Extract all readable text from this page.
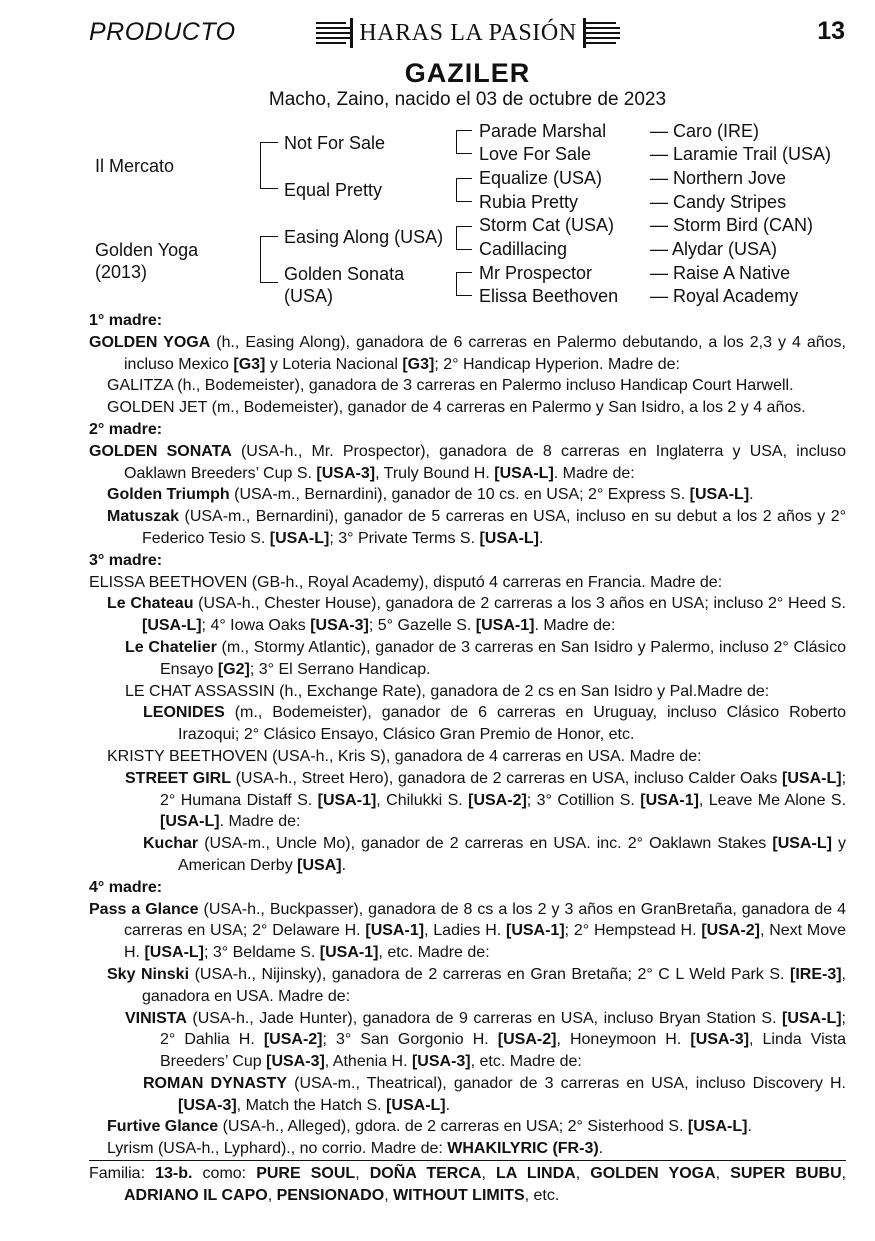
PRODUCTO	HARAS LA PASIÓN	13
GAZILER
Macho, Zaino, nacido el 03 de octubre de 2023
Il Mercato
Golden Yoga
(2013)
Not For Sale
Equal Pretty
Easing Along (USA)
Golden Sonata
(USA)
Parade Marshal
Love For Sale
Equalize (USA)
Rubia Pretty
Storm Cat (USA)
Cadillacing
Mr Prospector
Elissa Beethoven
— Caro (IRE)
— Laramie Trail (USA)
— Northern Jove
— Candy Stripes
— Storm Bird (CAN)
— Alydar (USA)
— Raise A Native
— Royal Academy

1° madre:

GOLDEN YOGA (h., Easing Along), ganadora de 6 carreras en Palermo debutando, a los 2,3 y 4 años, incluso Mexico [G3] y Loteria Nacional [G3]; 2° Handicap Hyperion. Madre de:

GALITZA (h., Bodemeister), ganadora de 3 carreras en Palermo incluso Handicap Court Harwell.

GOLDEN JET (m., Bodemeister), ganador de 4 carreras en Palermo y San Isidro, a los 2 y 4 años.

2° madre:

GOLDEN SONATA (USA-h., Mr. Prospector), ganadora de 8 carreras en Inglaterra y USA, incluso Oaklawn Breeders’ Cup S. [USA-3], Truly Bound H. [USA-L]. Madre de:

Golden Triumph (USA-m., Bernardini), ganador de 10 cs. en USA; 2° Express S. [USA-L].

Matuszak (USA-m., Bernardini), ganador de 5 carreras en USA, incluso en su debut a los 2 años y 2° Federico Tesio S. [USA-L]; 3° Private Terms S. [USA-L].

3° madre:

ELISSA BEETHOVEN (GB-h., Royal Academy), disputó 4 carreras en Francia. Madre de:

Le Chateau (USA-h., Chester House), ganadora de 2 carreras a los 3 años en USA; incluso 2° Heed S. [USA-L]; 4° Iowa Oaks [USA-3]; 5° Gazelle S. [USA-1]. Madre de:

Le Chatelier (m., Stormy Atlantic), ganador de 3 carreras en San Isidro y Palermo, incluso 2° Clásico Ensayo [G2]; 3° El Serrano Handicap.

LE CHAT ASSASSIN (h., Exchange Rate), ganadora de 2 cs en San Isidro y Pal.Madre de:

LEONIDES (m., Bodemeister), ganador de 6 carreras en Uruguay, incluso Clásico Roberto Irazoqui; 2° Clásico Ensayo, Clásico Gran Premio de Honor, etc.

KRISTY BEETHOVEN (USA-h., Kris S), ganadora de 4 carreras en USA. Madre de:

STREET GIRL (USA-h., Street Hero), ganadora de 2 carreras en USA, incluso Calder Oaks [USA-L]; 2° Humana Distaff S. [USA-1], Chilukki S. [USA-2]; 3° Cotillion S. [USA-1], Leave Me Alone S. [USA-L]. Madre de:

Kuchar (USA-m., Uncle Mo), ganador de 2 carreras en USA. inc. 2° Oaklawn Stakes [USA-L] y American Derby [USA].

4° madre:

Pass a Glance (USA-h., Buckpasser), ganadora de 8 cs a los 2 y 3 años en GranBretaña, ganadora de 4 carreras en USA; 2° Delaware H. [USA-1], Ladies H. [USA-1]; 2° Hempstead H. [USA-2], Next Move H. [USA-L]; 3° Beldame S. [USA-1], etc. Madre de:

Sky Ninski (USA-h., Nijinsky), ganadora de 2 carreras en Gran Bretaña; 2° C L Weld Park S. [IRE-3], ganadora en USA. Madre de:

VINISTA (USA-h., Jade Hunter), ganadora de 9 carreras en USA, incluso Bryan Station S. [USA-L]; 2° Dahlia H. [USA-2]; 3° San Gorgonio H. [USA-2], Honeymoon H. [USA-3], Linda Vista Breeders’ Cup [USA-3], Athenia H. [USA-3], etc. Madre de:

ROMAN DYNASTY (USA-m., Theatrical), ganador de 3 carreras en USA, incluso Discovery H. [USA-3], Match the Hatch S. [USA-L].

Furtive Glance (USA-h., Alleged), gdora. de 2 carreras en USA; 2° Sisterhood S. [USA-L].

Lyrism (USA-h., Lyphard)., no corrio. Madre de: WHAKILYRIC (FR-3).

Familia: 13-b. como: PURE SOUL, DOÑA TERCA, LA LINDA, GOLDEN YOGA, SUPER BUBU, ADRIANO IL CAPO, PENSIONADO, WITHOUT LIMITS, etc.
